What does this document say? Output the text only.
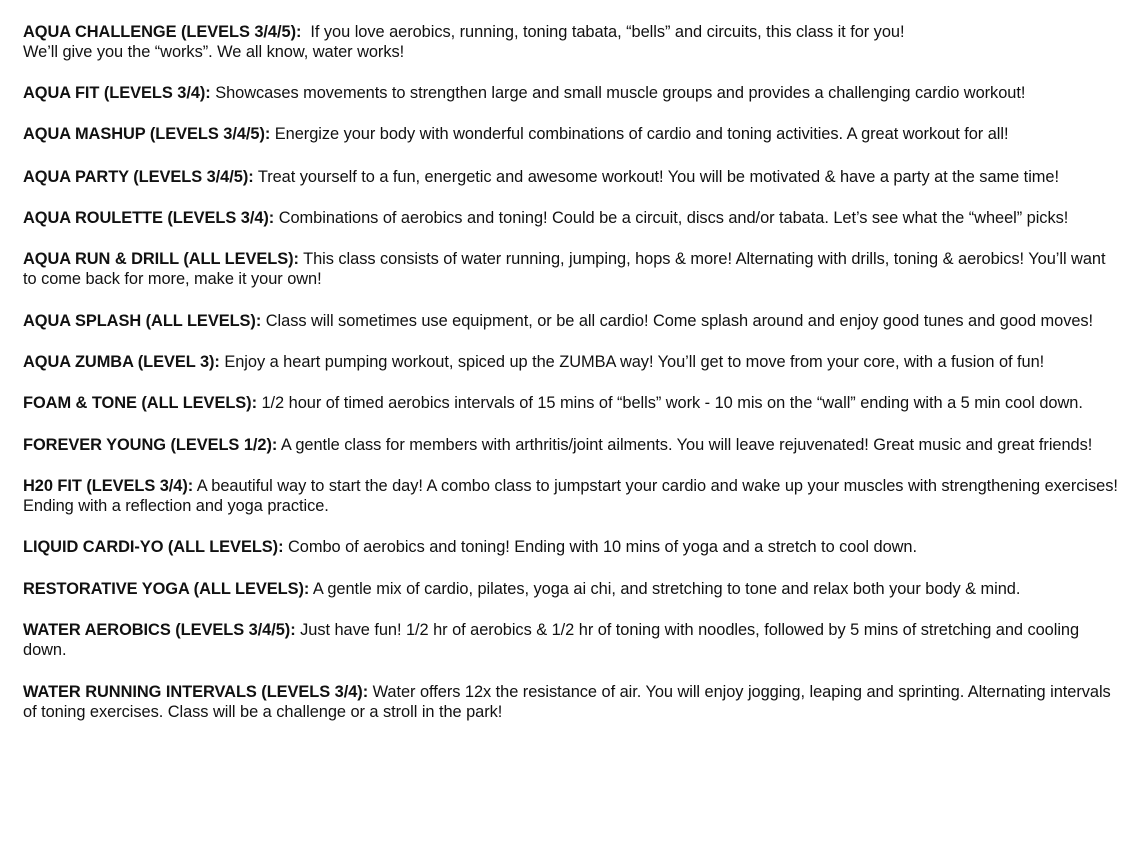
AQUA CHALLENGE (LEVELS 3/4/5):  If you love aerobics, running, toning tabata, “bells” and circuits, this class it for you!
We’ll give you the “works”. We all know, water works!

AQUA FIT (LEVELS 3/4): Showcases movements to strengthen large and small muscle groups and provides a challenging cardio workout!

AQUA MASHUP (LEVELS 3/4/5): Energize your body with wonderful combinations of cardio and toning activities. A great workout for all!

AQUA PARTY (LEVELS 3/4/5): Treat yourself to a fun, energetic and awesome workout! You will be motivated & have a party at the same time!

AQUA ROULETTE (LEVELS 3/4): Combinations of aerobics and toning! Could be a circuit, discs and/or tabata. Let’s see what the “wheel” picks!

AQUA RUN & DRILL (ALL LEVELS): This class consists of water running, jumping, hops & more! Alternating with drills, toning & aerobics! You’ll want to come back for more, make it your own!

AQUA SPLASH (ALL LEVELS): Class will sometimes use equipment, or be all cardio! Come splash around and enjoy good tunes and good moves!

AQUA ZUMBA (LEVEL 3): Enjoy a heart pumping workout, spiced up the ZUMBA way! You’ll get to move from your core, with a fusion of fun!

FOAM & TONE (ALL LEVELS): 1/2 hour of timed aerobics intervals of 15 mins of “bells” work - 10 mis on the “wall” ending with a 5 min cool down.

FOREVER YOUNG (LEVELS 1/2): A gentle class for members with arthritis/joint ailments. You will leave rejuvenated! Great music and great friends!

H20 FIT (LEVELS 3/4): A beautiful way to start the day! A combo class to jumpstart your cardio and wake up your muscles with strengthening exercises! Ending with a reflection and yoga practice.

LIQUID CARDI-YO (ALL LEVELS): Combo of aerobics and toning! Ending with 10 mins of yoga and a stretch to cool down.

RESTORATIVE YOGA (ALL LEVELS): A gentle mix of cardio, pilates, yoga ai chi, and stretching to tone and relax both your body & mind.

WATER AEROBICS (LEVELS 3/4/5): Just have fun! 1/2 hr of aerobics & 1/2 hr of toning with noodles, followed by 5 mins of stretching and cooling down.

WATER RUNNING INTERVALS (LEVELS 3/4): Water offers 12x the resistance of air. You will enjoy jogging, leaping and sprinting. Alternating intervals of toning exercises. Class will be a challenge or a stroll in the park!
